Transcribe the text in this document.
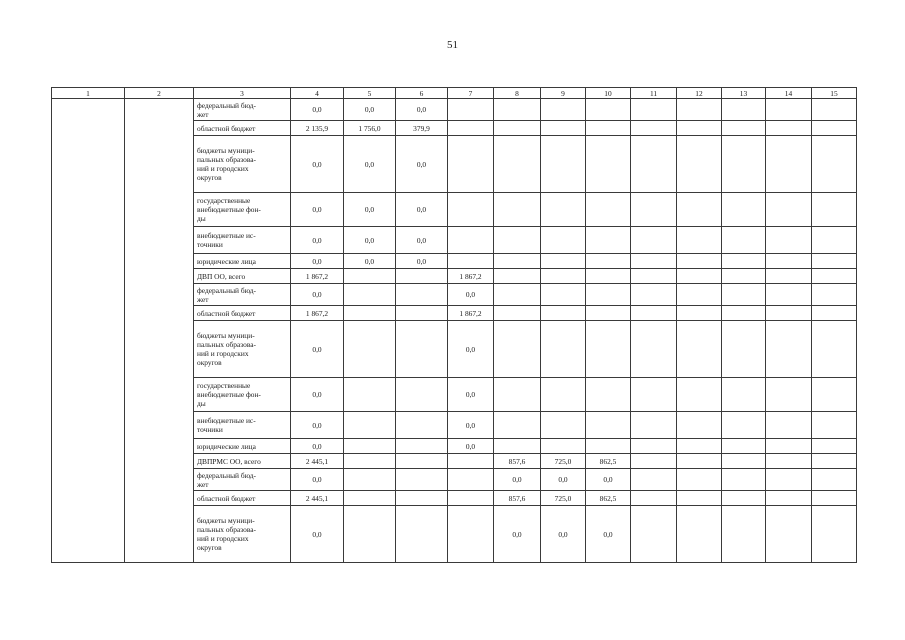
51
1	2	3	4	5	6	7	8	9	10	11	12	13	14	15
		федеральный бюд-
жет	0,0	0,0	0,0									
		областной бюджет	2 135,9	1 756,0	379,9									
		бюджеты муници-
пальных образова-
ний и городских
округов	0,0	0,0	0,0									
		государственные
внебюджетные фон-
ды	0,0	0,0	0,0									
		внебюджетные ис-
точники	0,0	0,0	0,0									
		юридические лица	0,0	0,0	0,0									
		ДВП ОО, всего	1 867,2			1 867,2								
		федеральный бюд-
жет	0,0			0,0								
		областной бюджет	1 867,2			1 867,2								
		бюджеты муници-
пальных образова-
ний и городских
округов	0,0			0,0								
		государственные
внебюджетные фон-
ды	0,0			0,0								
		внебюджетные ис-
точники	0,0			0,0								
		юридические лица	0,0			0,0								
		ДВПРМС ОО, всего	2 445,1				857,6	725,0	862,5					
		федеральный бюд-
жет	0,0				0,0	0,0	0,0					
		областной бюджет	2 445,1				857,6	725,0	862,5					
		бюджеты муници-
пальных образова-
ний и городских
округов	0,0				0,0	0,0	0,0					
